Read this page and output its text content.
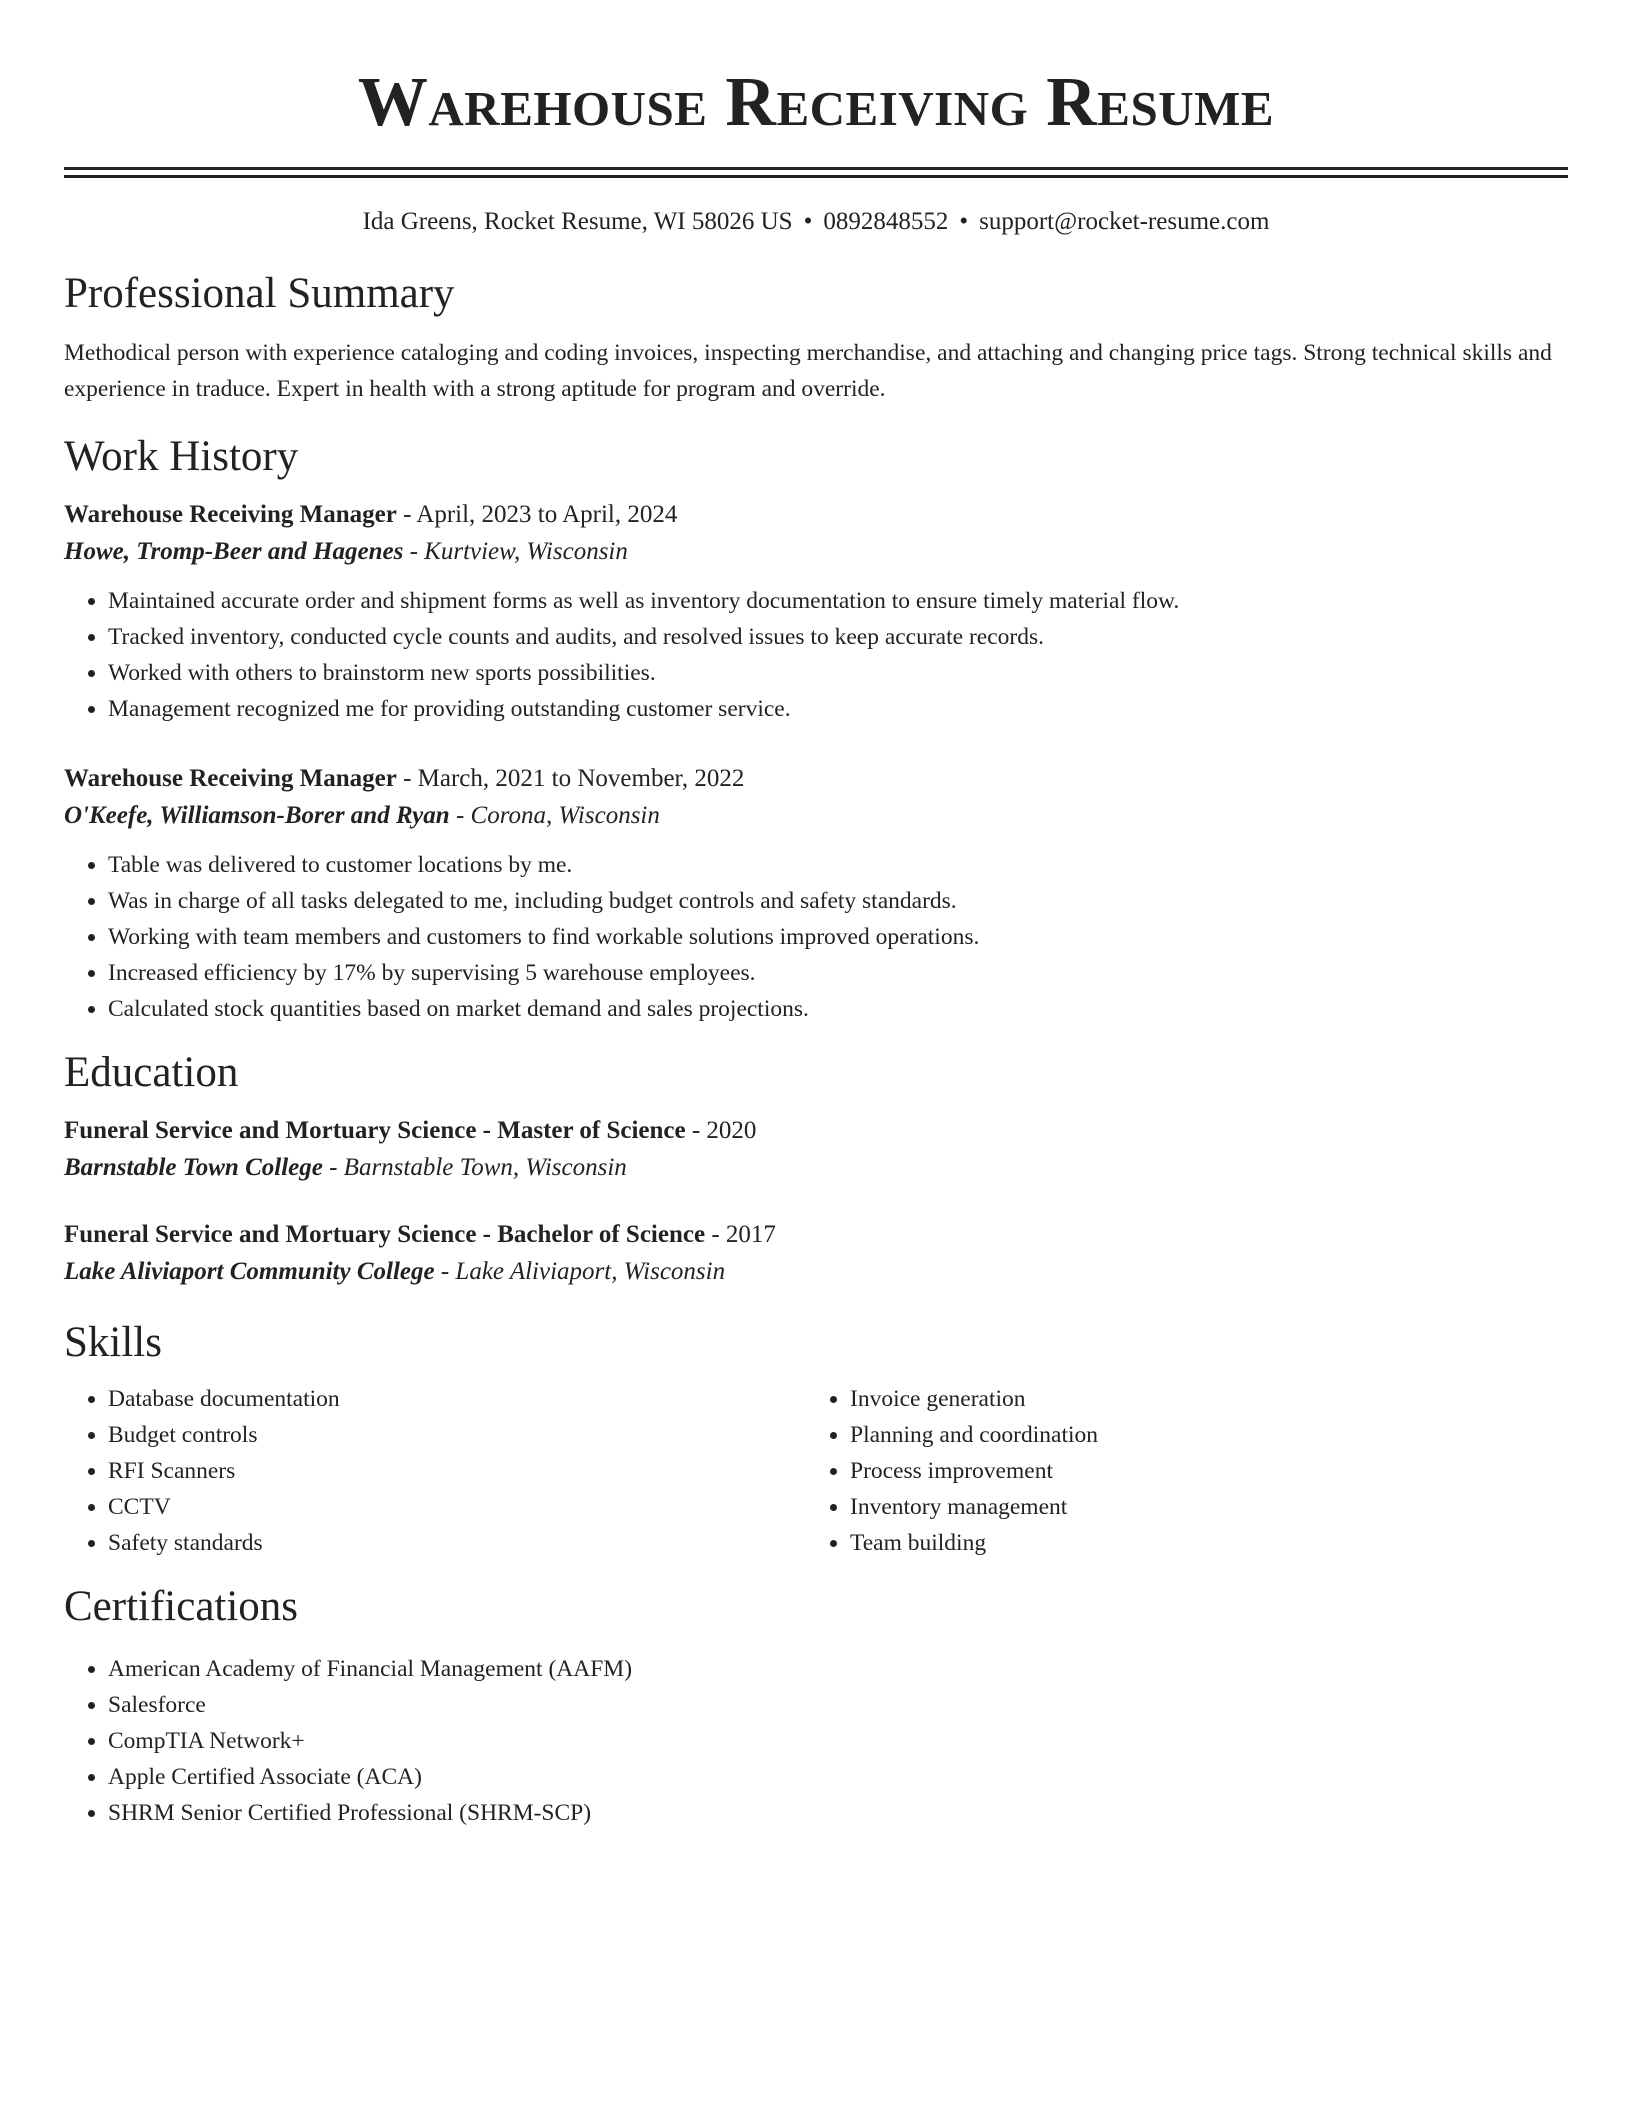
Warehouse Receiving Resume
Ida Greens, Rocket Resume, WI 58026 US • 0892848552 • support@rocket-resume.com
Professional Summary
Methodical person with experience cataloging and coding invoices, inspecting merchandise, and attaching and changing price tags. Strong technical skills and experience in traduce. Expert in health with a strong aptitude for program and override.
Work History
Warehouse Receiving Manager - April, 2023 to April, 2024
Howe, Tromp-Beer and Hagenes - Kurtview, Wisconsin
• Maintained accurate order and shipment forms as well as inventory documentation to ensure timely material flow.
• Tracked inventory, conducted cycle counts and audits, and resolved issues to keep accurate records.
• Worked with others to brainstorm new sports possibilities.
• Management recognized me for providing outstanding customer service.
Warehouse Receiving Manager - March, 2021 to November, 2022
O'Keefe, Williamson-Borer and Ryan - Corona, Wisconsin
• Table was delivered to customer locations by me.
• Was in charge of all tasks delegated to me, including budget controls and safety standards.
• Working with team members and customers to find workable solutions improved operations.
• Increased efficiency by 17% by supervising 5 warehouse employees.
• Calculated stock quantities based on market demand and sales projections.
Education
Funeral Service and Mortuary Science - Master of Science - 2020
Barnstable Town College - Barnstable Town, Wisconsin
Funeral Service and Mortuary Science - Bachelor of Science - 2017
Lake Aliviaport Community College - Lake Aliviaport, Wisconsin
Skills
• Database documentation
• Budget controls
• RFI Scanners
• CCTV
• Safety standards
• Invoice generation
• Planning and coordination
• Process improvement
• Inventory management
• Team building
Certifications
• American Academy of Financial Management (AAFM)
• Salesforce
• CompTIA Network+
• Apple Certified Associate (ACA)
• SHRM Senior Certified Professional (SHRM-SCP)
